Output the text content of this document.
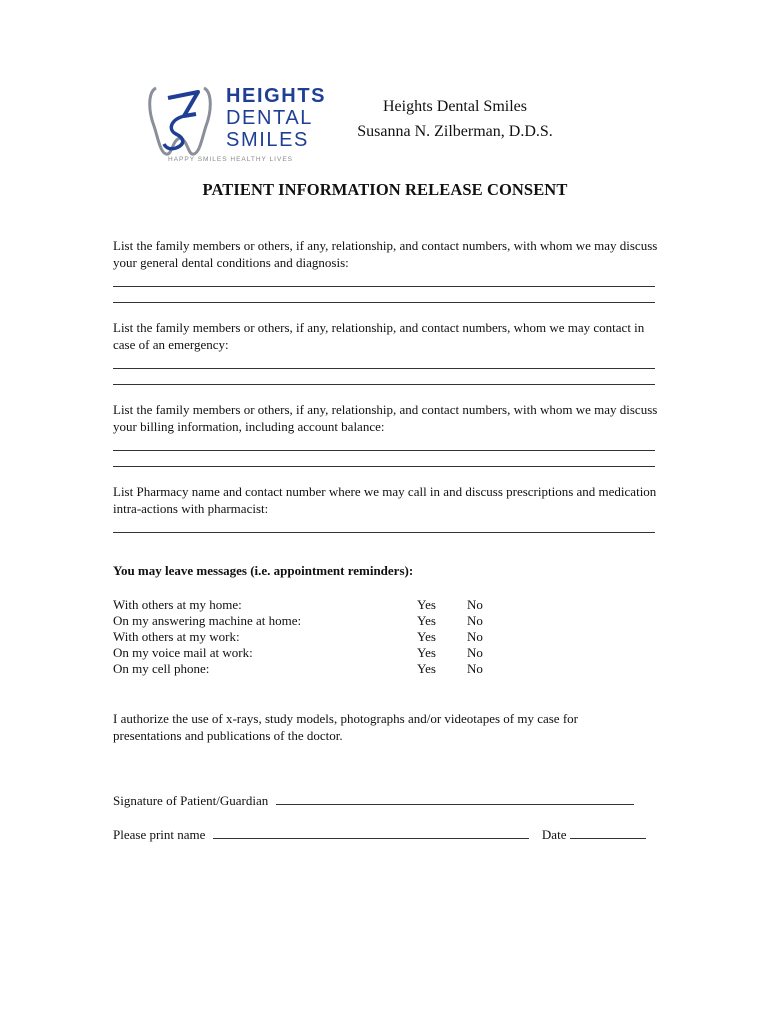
HEIGHTS
DENTAL
SMILES
HAPPY SMILES HEALTHY LIVES
Heights Dental Smiles
Susanna N. Zilberman, D.D.S.
PATIENT INFORMATION RELEASE CONSENT
List the family members or others, if any, relationship, and contact numbers, with whom we may discuss your general dental conditions and diagnosis:
List the family members or others, if any, relationship, and contact numbers, whom we may contact in case of an emergency:
List the family members or others, if any, relationship, and contact numbers, with whom we may discuss your billing information, including account balance:
List Pharmacy name and contact number where we may call in and discuss prescriptions and medication intra-actions with pharmacist:
You may leave messages (i.e. appointment reminders):
With others at my home:	Yes No
On my answering machine at home:	Yes No
With others at my work:	Yes No
On my voice mail at work:	Yes No
On my cell phone:	Yes No
I authorize the use of x-rays, study models, photographs and/or videotapes of my case for presentations and publications of the doctor.
Signature of Patient/Guardian
Please print name	Date
